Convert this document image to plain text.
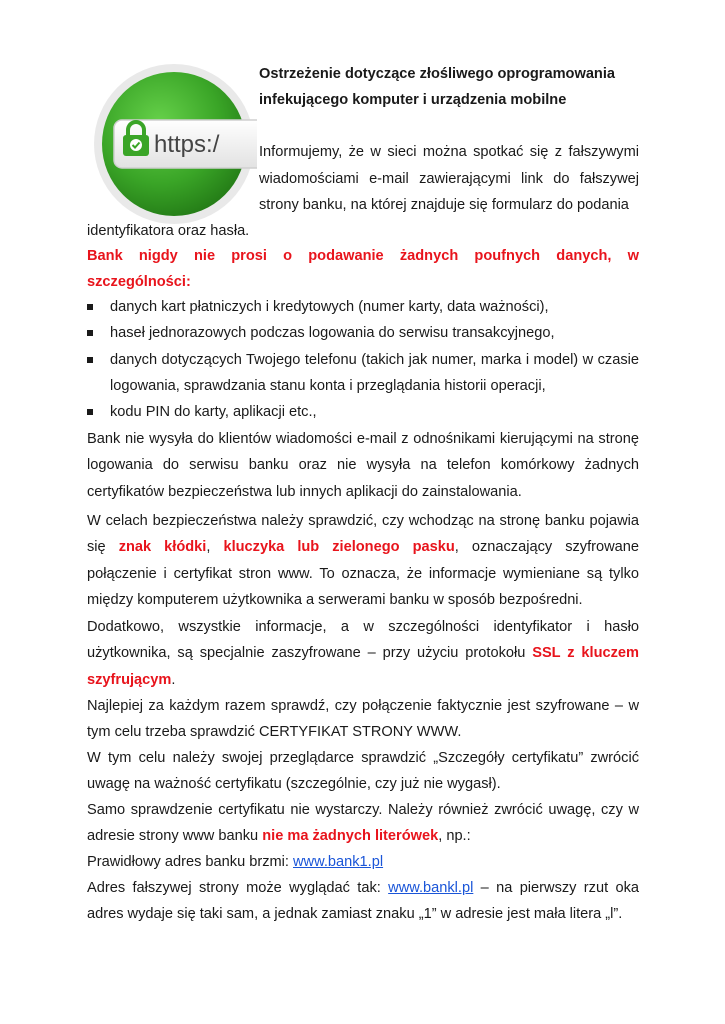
https:/
Ostrzeżenie dotyczące złośliwego oprogramowania
infekującego komputer i urządzenia mobilne
Informujemy, że w sieci można spotkać się z fałszywymi wiadomościami e-mail zawierającymi link do fałszywej strony banku, na której znajduje się formularz do podania
identyfikatora oraz hasła.
Bank nigdy nie prosi o podawanie żadnych poufnych danych, w
szczególności:
danych kart płatniczych i kredytowych (numer karty, data ważności),
haseł jednorazowych podczas logowania do serwisu transakcyjnego,
danych dotyczących Twojego telefonu (takich jak numer, marka i model) w czasie logowania, sprawdzania stanu konta i przeglądania historii operacji,
kodu PIN do karty, aplikacji etc.,
Bank nie wysyła do klientów wiadomości e-mail z odnośnikami kierującymi na stronę logowania do serwisu banku oraz nie wysyła na telefon komórkowy żadnych certyfikatów bezpieczeństwa lub innych aplikacji do zainstalowania.
W celach bezpieczeństwa należy sprawdzić, czy wchodząc na stronę banku pojawia się znak kłódki, kluczyka lub zielonego pasku, oznaczający szyfrowane połączenie i certyfikat stron www. To oznacza, że informacje wymieniane są tylko między komputerem użytkownika a serwerami banku w sposób bezpośredni.
Dodatkowo, wszystkie informacje, a w szczególności identyfikator i hasło użytkownika, są specjalnie zaszyfrowane – przy użyciu protokołu SSL z kluczem szyfrującym.
Najlepiej za każdym razem sprawdź, czy połączenie faktycznie jest szyfrowane – w tym celu trzeba sprawdzić CERTYFIKAT STRONY WWW.
W tym celu należy swojej przeglądarce sprawdzić „Szczegóły certyfikatu” zwrócić uwagę na ważność certyfikatu (szczególnie, czy już nie wygasł).
Samo sprawdzenie certyfikatu nie wystarczy. Należy również zwrócić uwagę, czy w adresie strony www banku nie ma żadnych literówek, np.:
Prawidłowy adres banku brzmi: www.bank1.pl
Adres fałszywej strony może wyglądać tak: www.bankl.pl – na pierwszy rzut oka adres wydaje się taki sam, a jednak zamiast znaku „1” w adresie jest mała litera „l”.
